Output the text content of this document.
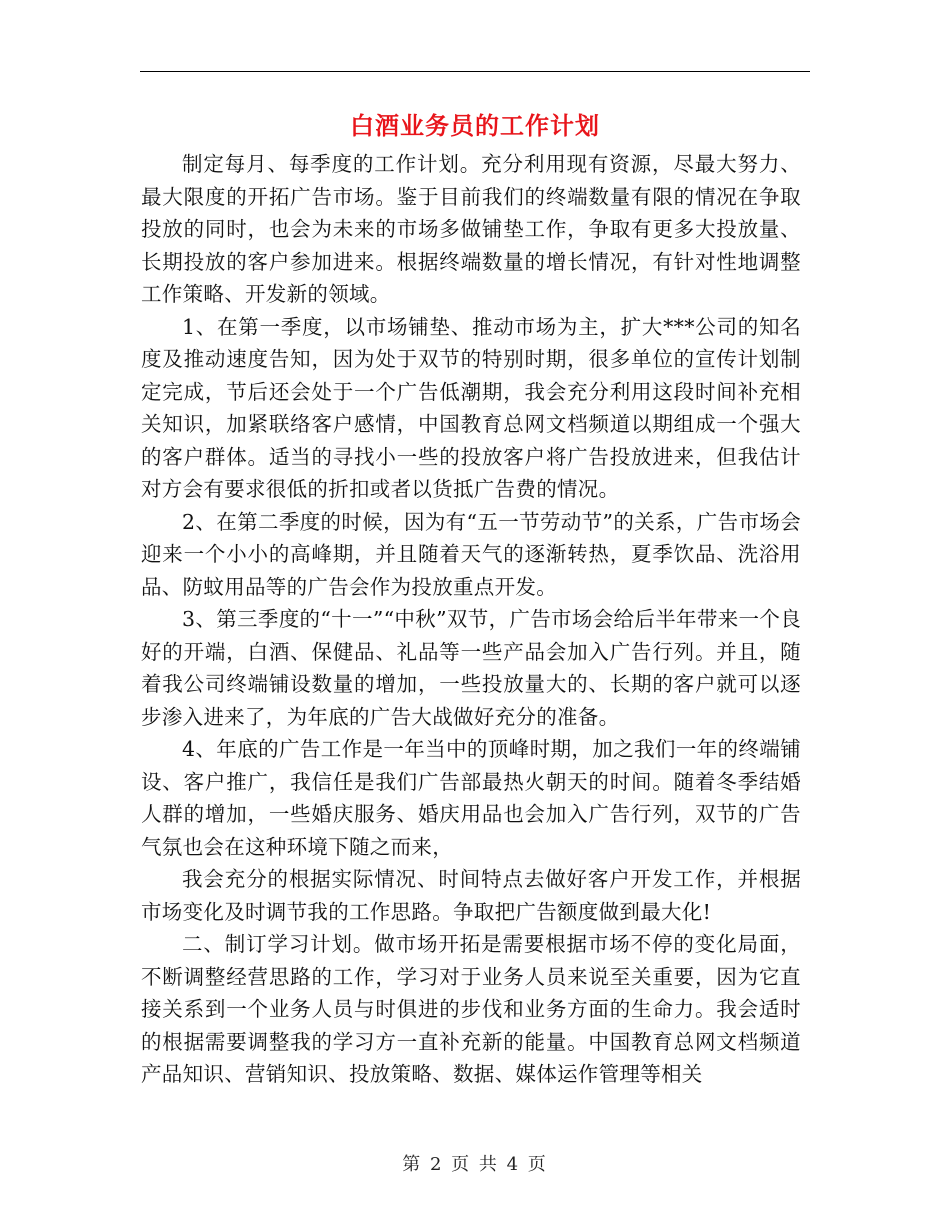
白酒业务员的工作计划

制定每月、每季度的工作计划。充分利用现有资源，尽最大努力、最大限度的开拓广告市场。鉴于目前我们的终端数量有限的情况在争取投放的同时，也会为未来的市场多做铺垫工作，争取有更多大投放量、长期投放的客户参加进来。根据终端数量的增长情况，有针对性地调整工作策略、开发新的领域。

1、在第一季度，以市场铺垫、推动市场为主，扩大***公司的知名度及推动速度告知，因为处于双节的特别时期，很多单位的宣传计划制定完成，节后还会处于一个广告低潮期，我会充分利用这段时间补充相关知识，加紧联络客户感情，中国教育总网文档频道以期组成一个强大的客户群体。适当的寻找小一些的投放客户将广告投放进来，但我估计对方会有要求很低的折扣或者以货抵广告费的情况。

2、在第二季度的时候，因为有“五一节劳动节”的关系，广告市场会迎来一个小小的高峰期，并且随着天气的逐渐转热，夏季饮品、洗浴用品、防蚊用品等的广告会作为投放重点开发。

3、第三季度的“十一”“中秋”双节，广告市场会给后半年带来一个良好的开端，白酒、保健品、礼品等一些产品会加入广告行列。并且，随着我公司终端铺设数量的增加，一些投放量大的、长期的客户就可以逐步渗入进来了，为年底的广告大战做好充分的准备。

4、年底的广告工作是一年当中的顶峰时期，加之我们一年的终端铺设、客户推广，我信任是我们广告部最热火朝天的时间。随着冬季结婚人群的增加，一些婚庆服务、婚庆用品也会加入广告行列，双节的广告气氛也会在这种环境下随之而来，

我会充分的根据实际情况、时间特点去做好客户开发工作，并根据市场变化及时调节我的工作思路。争取把广告额度做到最大化!

二、制订学习计划。做市场开拓是需要根据市场不停的变化局面，不断调整经营思路的工作，学习对于业务人员来说至关重要，因为它直接关系到一个业务人员与时俱进的步伐和业务方面的生命力。我会适时的根据需要调整我的学习方一直补充新的能量。中国教育总网文档频道产品知识、营销知识、投放策略、数据、媒体运作管理等相关

第 2 页 共 4 页
